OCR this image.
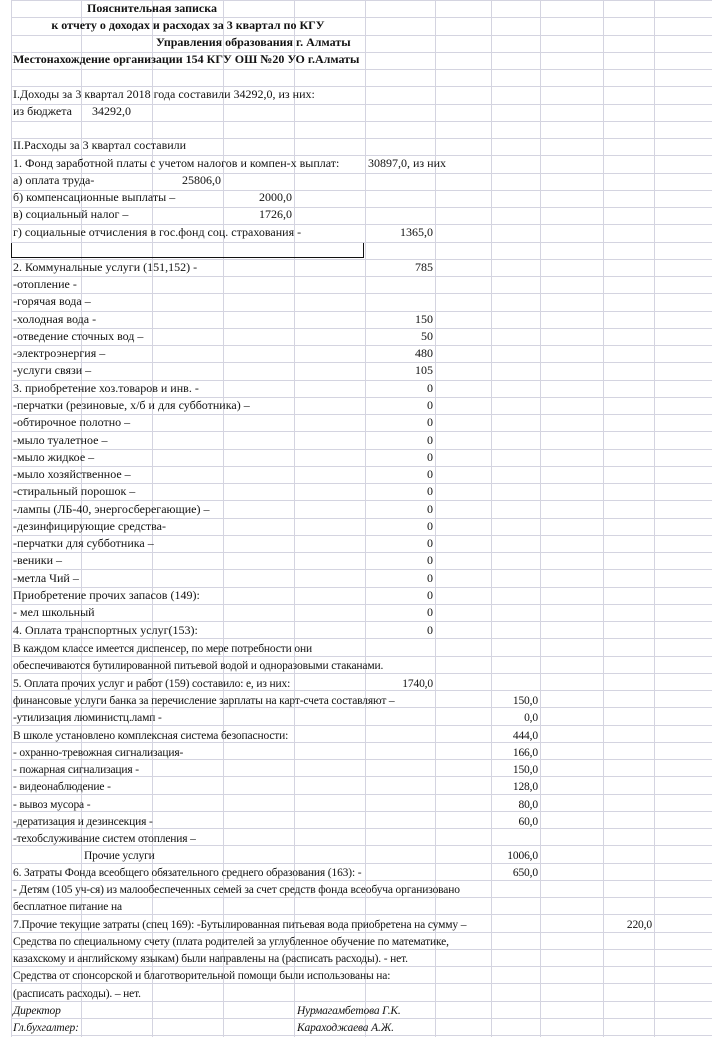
Пояснительная записка
к отчету о доходах и расходах за 3 квартал по КГУ
Управления образования г. Алматы
Местонахождение организации 154 КГУ ОШ №20 УО г.Алматы
I.Доходы за 3 квартал 2018 года составили 34292,0, из них:
из бюджета 34292,0
II.Расходы за 3 квартал составили
1. Фонд заработной платы с учетом налогов и компен-х выплат: 30897,0, из них
а) оплата труда-	25806,0
б) компенсационные выплаты –	2000,0
в) социальный налог –	1726,0
г) социальные отчисления в гос.фонд соц. страхования -	1365,0
2. Коммунальные услуги (151,152) -	785
-отопление -
-горячая вода –
-холодная вода -	150
-отведение сточных вод –	50
-электроэнергия –	480
-услуги связи –	105
3. приобретение хоз.товаров и инв. -	0
-перчатки (резиновые, х/б и для субботника) –	0
-обтирочное полотно –	0
-мыло туалетное –	0
-мыло жидкое –	0
-мыло хозяйственное –	0
-стиральный порошок –	0
-лампы (ЛБ-40, энергосберегающие) –	0
-дезинфицирующие средства-	0
-перчатки для субботника –	0
-веники –	0
-метла Чий –	0
Приобретение прочих запасов (149):	0
- мел школьный	0
4. Оплата транспортных услуг(153):	0
финансовые услуги банка за перечисление зарплаты на карт-счета составляют –	150,0
-утилизация люминистц.ламп -	0,0
В школе установлено комплексная система безопасности:	444,0
- охранно-тревожная сигнализация-	166,0
- пожарная сигнализация -	150,0
- видеонаблюдение -	128,0
- вывоз мусора -	80,0
-дератизация и дезинсекция -	60,0
-техобслуживание систем отопления –
В каждом классе имеется диспенсер, по мере потребности они
обеспечиваются бутилированной питьевой водой и одноразовыми стаканами.
5. Оплата прочих услуг и работ (159) составило: е, из них:	1740,0
Прочие услуги	1006,0
6. Затраты Фонда всеобщего обязательного среднего образования (163): -	650,0
- Детям (105 уч-ся) из малообеспеченных семей за счет средств фонда всеобуча организовано
бесплатное питание на
7.Прочие текущие затраты (спец 169): -Бутылированная питьевая вода приобретена на сумму –	220,0
Средства по специальному счету (плата родителей за углубленное обучение по математике,
казахскому и английскому языкам) были направлены на (расписать расходы). - нет.
Средства от спонсорской и благотворительной помощи были использованы на:
(расписать расходы). – нет.
Директор	Нурмагамбетова Г.К.
Гл.бухгалтер:	Караходжаева А.Ж.
